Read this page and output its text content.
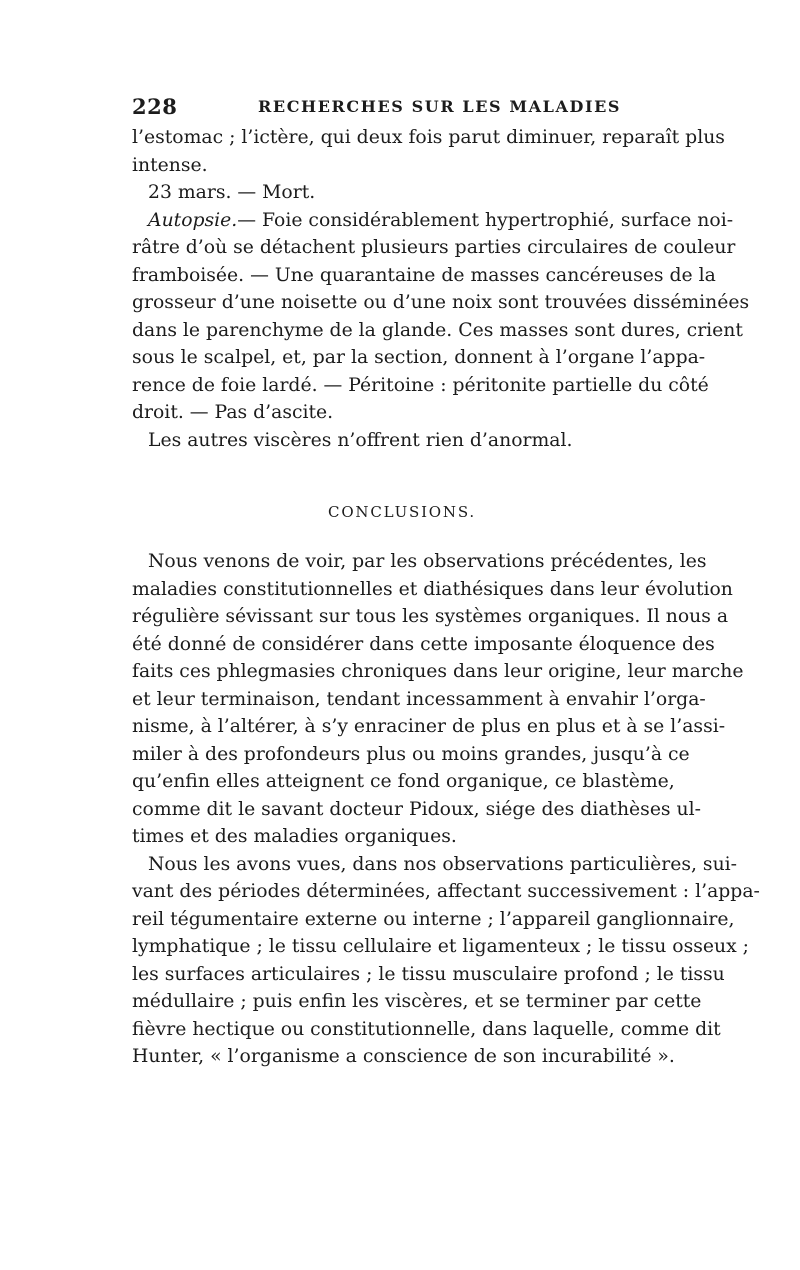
228	RECHERCHES SUR LES MALADIES
l’estomac ; l’ictère, qui deux fois parut diminuer, reparaît plus
intense.
23 mars. — Mort.
Autopsie.— Foie considérablement hypertrophié, surface noi-
râtre d’où se détachent plusieurs parties circulaires de couleur
framboisée. — Une quarantaine de masses cancéreuses de la
grosseur d’une noisette ou d’une noix sont trouvées disséminées
dans le parenchyme de la glande. Ces masses sont dures, crient
sous le scalpel, et, par la section, donnent à l’organe l’appa-
rence de foie lardé. — Péritoine : péritonite partielle du côté
droit. — Pas d’ascite.
Les autres viscères n’offrent rien d’anormal.
CONCLUSIONS.
Nous venons de voir, par les observations précédentes, les
maladies constitutionnelles et diathésiques dans leur évolution
régulière sévissant sur tous les systèmes organiques. Il nous a
été donné de considérer dans cette imposante éloquence des
faits ces phlegmasies chroniques dans leur origine, leur marche
et leur terminaison, tendant incessamment à envahir l’orga-
nisme, à l’altérer, à s’y enraciner de plus en plus et à se l’assi-
miler à des profondeurs plus ou moins grandes, jusqu’à ce
qu’enfin elles atteignent ce fond organique, ce blastème,
comme dit le savant docteur Pidoux, siége des diathèses ul-
times et des maladies organiques.
Nous les avons vues, dans nos observations particulières, sui-
vant des périodes déterminées, affectant successivement : l’appa-
reil tégumentaire externe ou interne ; l’appareil ganglionnaire,
lymphatique ; le tissu cellulaire et ligamenteux ; le tissu osseux ;
les surfaces articulaires ; le tissu musculaire profond ; le tissu
médullaire ; puis enfin les viscères, et se terminer par cette
fièvre hectique ou constitutionnelle, dans laquelle, comme dit
Hunter, « l’organisme a conscience de son incurabilité ».
